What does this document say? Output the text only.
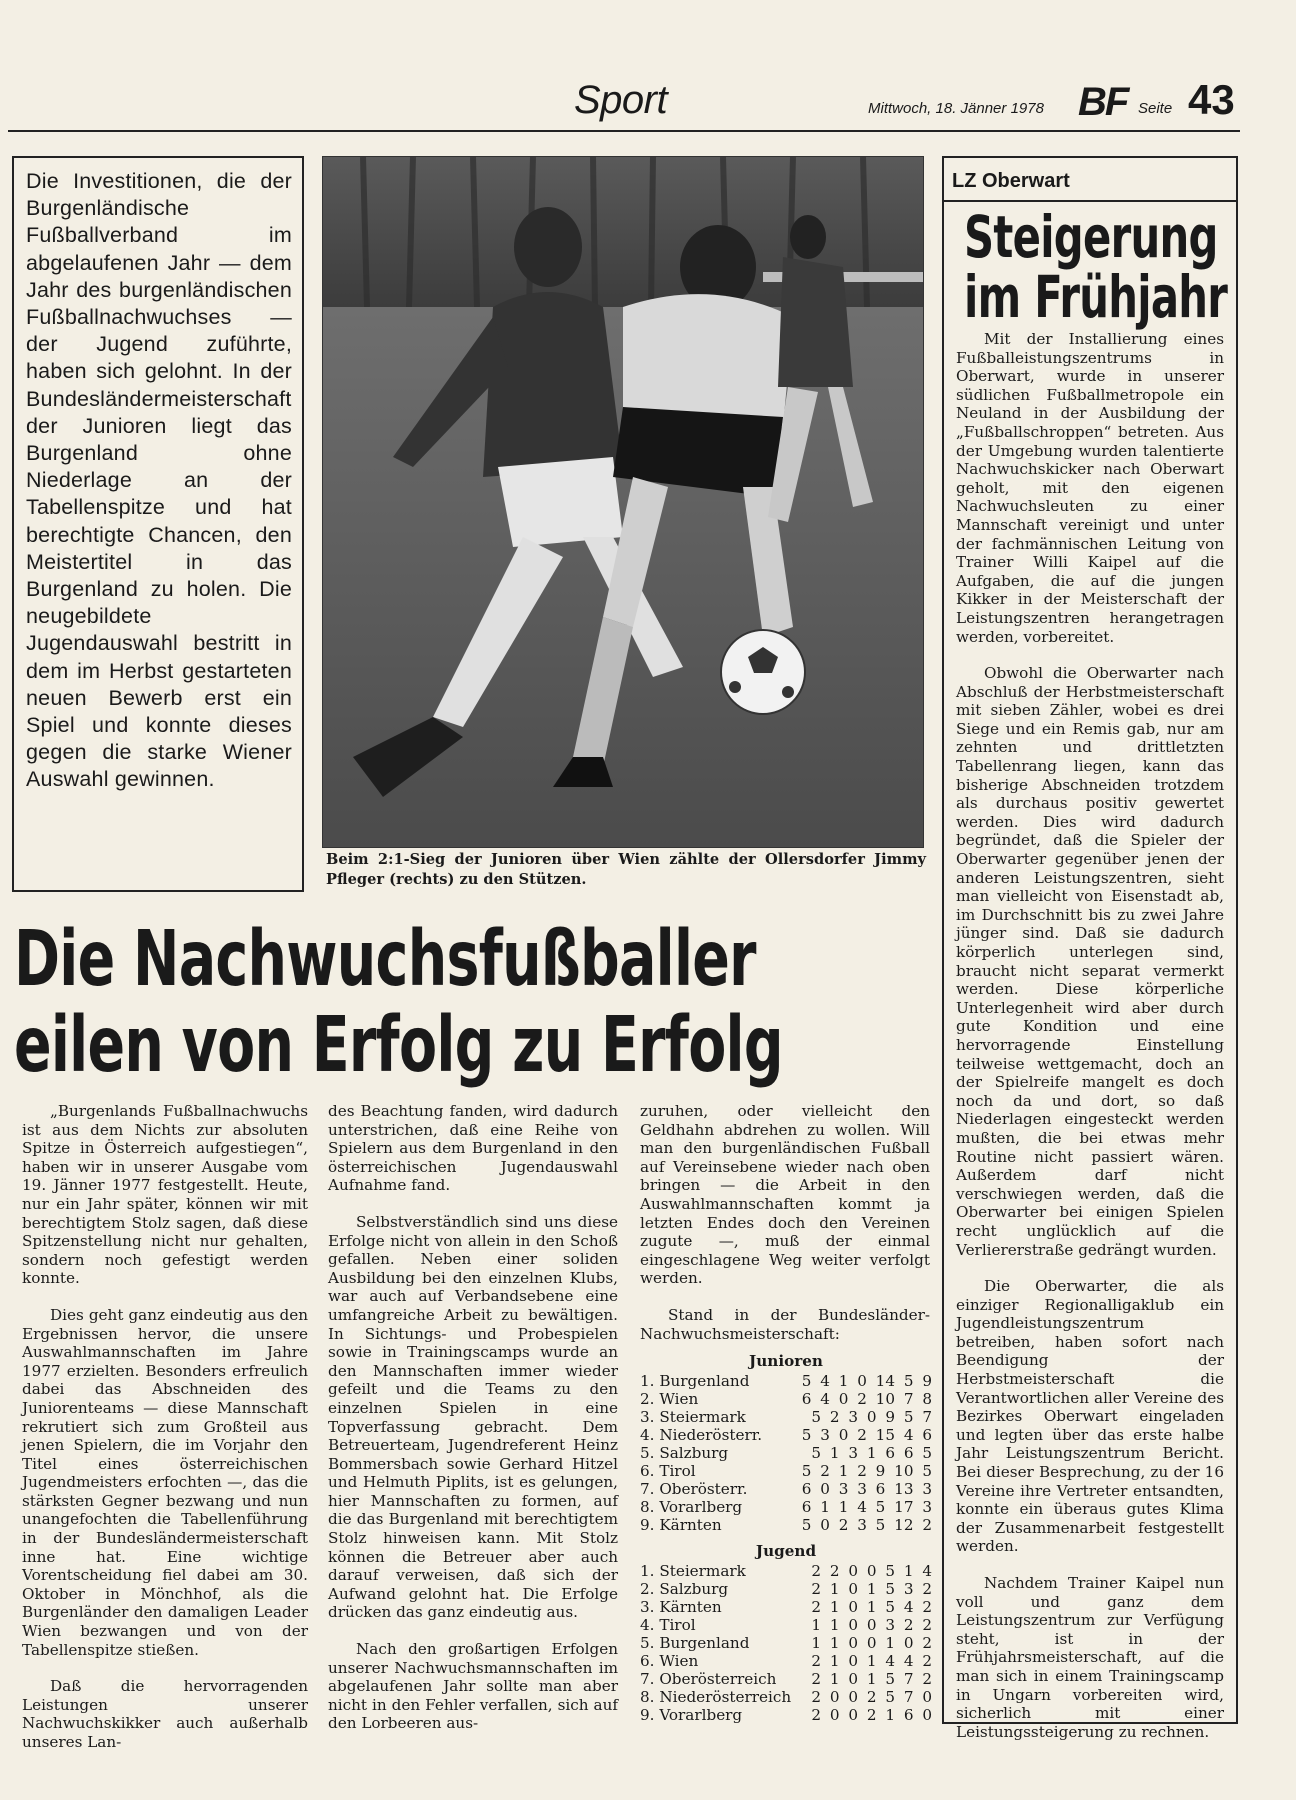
Sport	Mittwoch, 18. Jänner 1978 BF Seite 43
Die Investitionen, die der Burgenländische Fußballverband im abgelaufenen Jahr — dem Jahr des burgenländischen Fußballnachwuchses — der Jugend zuführte, haben sich gelohnt. In der Bundesländermeisterschaft der Junioren liegt das Burgenland ohne Niederlage an der Tabellenspitze und hat berechtigte Chancen, den Meistertitel in das Burgenland zu holen. Die neugebildete Jugendauswahl bestritt in dem im Herbst gestarteten neuen Bewerb erst ein Spiel und konnte dieses gegen die starke Wiener Auswahl gewinnen.
Beim 2:1-Sieg der Junioren über Wien zählte der Ollersdorfer Jimmy Pfleger (rechts) zu den Stützen.
Die Nachwuchsfußballer
eilen von Erfolg zu Erfolg

„Burgenlands Fußballnachwuchs ist aus dem Nichts zur absoluten Spitze in Österreich aufgestiegen“, haben wir in unserer Ausgabe vom 19. Jänner 1977 festgestellt. Heute, nur ein Jahr später, können wir mit berechtigtem Stolz sagen, daß diese Spitzenstellung nicht nur gehalten, sondern noch gefestigt werden konnte.

Dies geht ganz eindeutig aus den Ergebnissen hervor, die unsere Auswahlmannschaften im Jahre 1977 erzielten. Besonders erfreulich dabei das Abschneiden des Juniorenteams — diese Mannschaft rekrutiert sich zum Großteil aus jenen Spielern, die im Vorjahr den Titel eines österreichischen Jugendmeisters erfochten —, das die stärksten Gegner bezwang und nun unangefochten die Tabellenführung in der Bundesländermeisterschaft inne hat. Eine wichtige Vorentscheidung fiel dabei am 30. Oktober in Mönchhof, als die Burgenländer den damaligen Leader Wien bezwangen und von der Tabellenspitze stießen.

Daß die hervorragenden Leistungen unserer Nachwuchskikker auch außerhalb unseres Lan-

des Beachtung fanden, wird dadurch unterstrichen, daß eine Reihe von Spielern aus dem Burgenland in den österreichischen Jugendauswahl Aufnahme fand.

Selbstverständlich sind uns diese Erfolge nicht von allein in den Schoß gefallen. Neben einer soliden Ausbildung bei den einzelnen Klubs, war auch auf Verbandsebene eine umfangreiche Arbeit zu bewältigen. In Sichtungs- und Probespielen sowie in Trainingscamps wurde an den Mannschaften immer wieder gefeilt und die Teams zu den einzelnen Spielen in eine Topverfassung gebracht. Dem Betreuerteam, Jugendreferent Heinz Bommersbach sowie Gerhard Hitzel und Helmuth Piplits, ist es gelungen, hier Mannschaften zu formen, auf die das Burgenland mit berechtigtem Stolz hinweisen kann. Mit Stolz können die Betreuer aber auch darauf verweisen, daß sich der Aufwand gelohnt hat. Die Erfolge drücken das ganz eindeutig aus.

Nach den großartigen Erfolgen unserer Nachwuchsmannschaften im abgelaufenen Jahr sollte man aber nicht in den Fehler verfallen, sich auf den Lorbeeren aus-

zuruhen, oder vielleicht den Geldhahn abdrehen zu wollen. Will man den burgenländischen Fußball auf Vereinsebene wieder nach oben bringen — die Arbeit in den Auswahlmannschaften kommt ja letzten Endes doch den Vereinen zugute —, muß der einmal eingeschlagene Weg weiter verfolgt werden.

Stand in der Bundesländer-Nachwuchsmeisterschaft:

Junioren
1. Burgenland	5 4 1 0 14 5 9
2. Wien	6 4 0 2 10 7 8
3. Steiermark	5 2 3 0 9 5 7
4. Niederösterr.	5 3 0 2 15 4 6
5. Salzburg	5 1 3 1 6 6 5
6. Tirol	5 2 1 2 9 10 5
7. Oberösterr.	6 0 3 3 6 13 3
8. Vorarlberg	6 1 1 4 5 17 3
9. Kärnten	5 0 2 3 5 12 2
Jugend
1. Steiermark	2 2 0 0 5 1 4
2. Salzburg	2 1 0 1 5 3 2
3. Kärnten	2 1 0 1 5 4 2
4. Tirol	1 1 0 0 3 2 2
5. Burgenland	1 1 0 0 1 0 2
6. Wien	2 1 0 1 4 4 2
7. Oberösterreich 2 1 0 1 5 7 2
8. Niederösterreich 2 0 0 2 5 7 0
9. Vorarlberg	2 0 0 2 1 6 0
LZ Oberwart
Steigerung
im Frühjahr

Mit der Installierung eines Fußballeistungszentrums in Oberwart, wurde in unserer südlichen Fußballmetropole ein Neuland in der Ausbildung der „Fußballschroppen“ betreten. Aus der Umgebung wurden talentierte Nachwuchskicker nach Oberwart geholt, mit den eigenen Nachwuchsleuten zu einer Mannschaft vereinigt und unter der fachmännischen Leitung von Trainer Willi Kaipel auf die Aufgaben, die auf die jungen Kikker in der Meisterschaft der Leistungszentren herangetragen werden, vorbereitet.

Obwohl die Oberwarter nach Abschluß der Herbstmeisterschaft mit sieben Zähler, wobei es drei Siege und ein Remis gab, nur am zehnten und drittletzten Tabellenrang liegen, kann das bisherige Abschneiden trotzdem als durchaus positiv gewertet werden. Dies wird dadurch begründet, daß die Spieler der Oberwarter gegenüber jenen der anderen Leistungszentren, sieht man vielleicht von Eisenstadt ab, im Durchschnitt bis zu zwei Jahre jünger sind. Daß sie dadurch körperlich unterlegen sind, braucht nicht separat vermerkt werden. Diese körperliche Unterlegenheit wird aber durch gute Kondition und eine hervorragende Einstellung teilweise wettgemacht, doch an der Spielreife mangelt es doch noch da und dort, so daß Niederlagen eingesteckt werden mußten, die bei etwas mehr Routine nicht passiert wären. Außerdem darf nicht verschwiegen werden, daß die Oberwarter bei einigen Spielen recht unglücklich auf die Verliererstraße gedrängt wurden.

Die Oberwarter, die als einziger Regionalligaklub ein Jugendleistungszentrum betreiben, haben sofort nach Beendigung der Herbstmeisterschaft die Verantwortlichen aller Vereine des Bezirkes Oberwart eingeladen und legten über das erste halbe Jahr Leistungszentrum Bericht. Bei dieser Besprechung, zu der 16 Vereine ihre Vertreter entsandten, konnte ein überaus gutes Klima der Zusammenarbeit festgestellt werden.

Nachdem Trainer Kaipel nun voll und ganz dem Leistungszentrum zur Verfügung steht, ist in der Frühjahrsmeisterschaft, auf die man sich in einem Trainingscamp in Ungarn vorbereiten wird, sicherlich mit einer Leistungssteigerung zu rechnen.
